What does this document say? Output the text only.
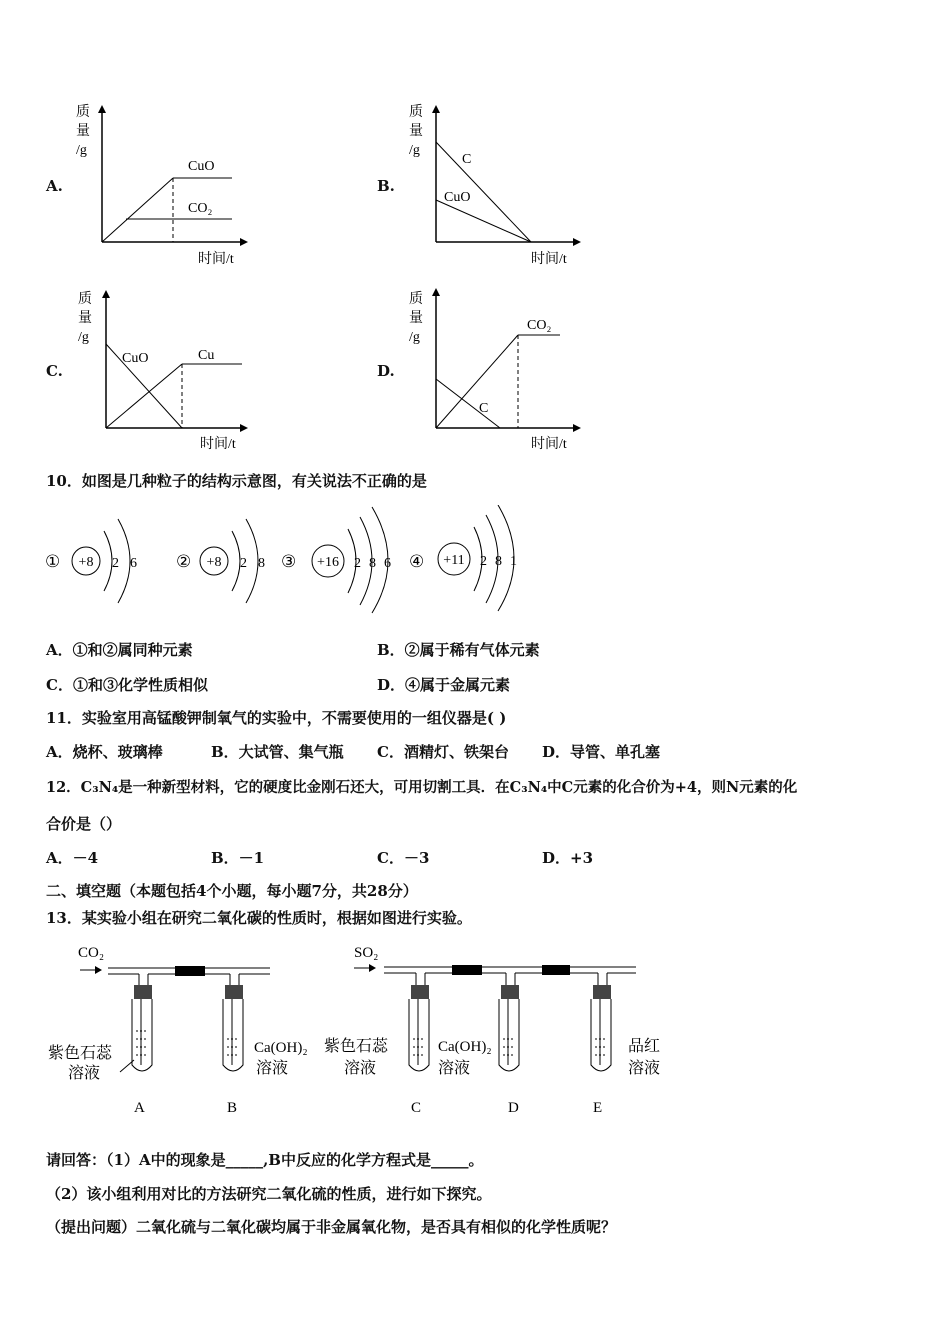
A.
质
量
/g
CuO
CO₂
时间/t
B.
质
量
/g
C
CuO
时间/t
C.
质
量
/g
CuO	Cu
时间/t
D.
质
量
/g
CO₂
C
时间/t
10．如图是几种粒子的结构示意图，有关说法不正确的是
① +8 2 6 ② +8 2 8 ③ +16 2 8 6 ④ +11 2 8 1
A．①和②属同种元素	B．②属于稀有气体元素
C．①和③化学性质相似	D．④属于金属元素
11．实验室用高锰酸钾制氧气的实验中，不需要使用的一组仪器是( )
A．烧杯、玻璃棒	B．大试管、集气瓶 C．酒精灯、铁架台 D．导管、单孔塞
12．C₃N₄是一种新型材料，它的硬度比金刚石还大，可用切割工具．在C₃N₄中C元素的化合价为+4，则N元素的化
合价是（）
A．－4	B．－1	C．－3	D．+3
二、填空题（本题包括4个小题，每小题7分，共28分）
13．某实验小组在研究二氧化碳的性质时，根据如图进行实验。
CO₂
紫色石蕊
溶液
Ca(OH)₂
溶液
A	B
SO₂
紫色石蕊
溶液
Ca(OH)₂
溶液
品红
溶液
C	D	E
请回答：（1）A中的现象是_____,B中反应的化学方程式是_____。
（2）该小组利用对比的方法研究二氧化硫的性质，进行如下探究。
（提出问题）二氧化硫与二氧化碳均属于非金属氧化物，是否具有相似的化学性质呢？
